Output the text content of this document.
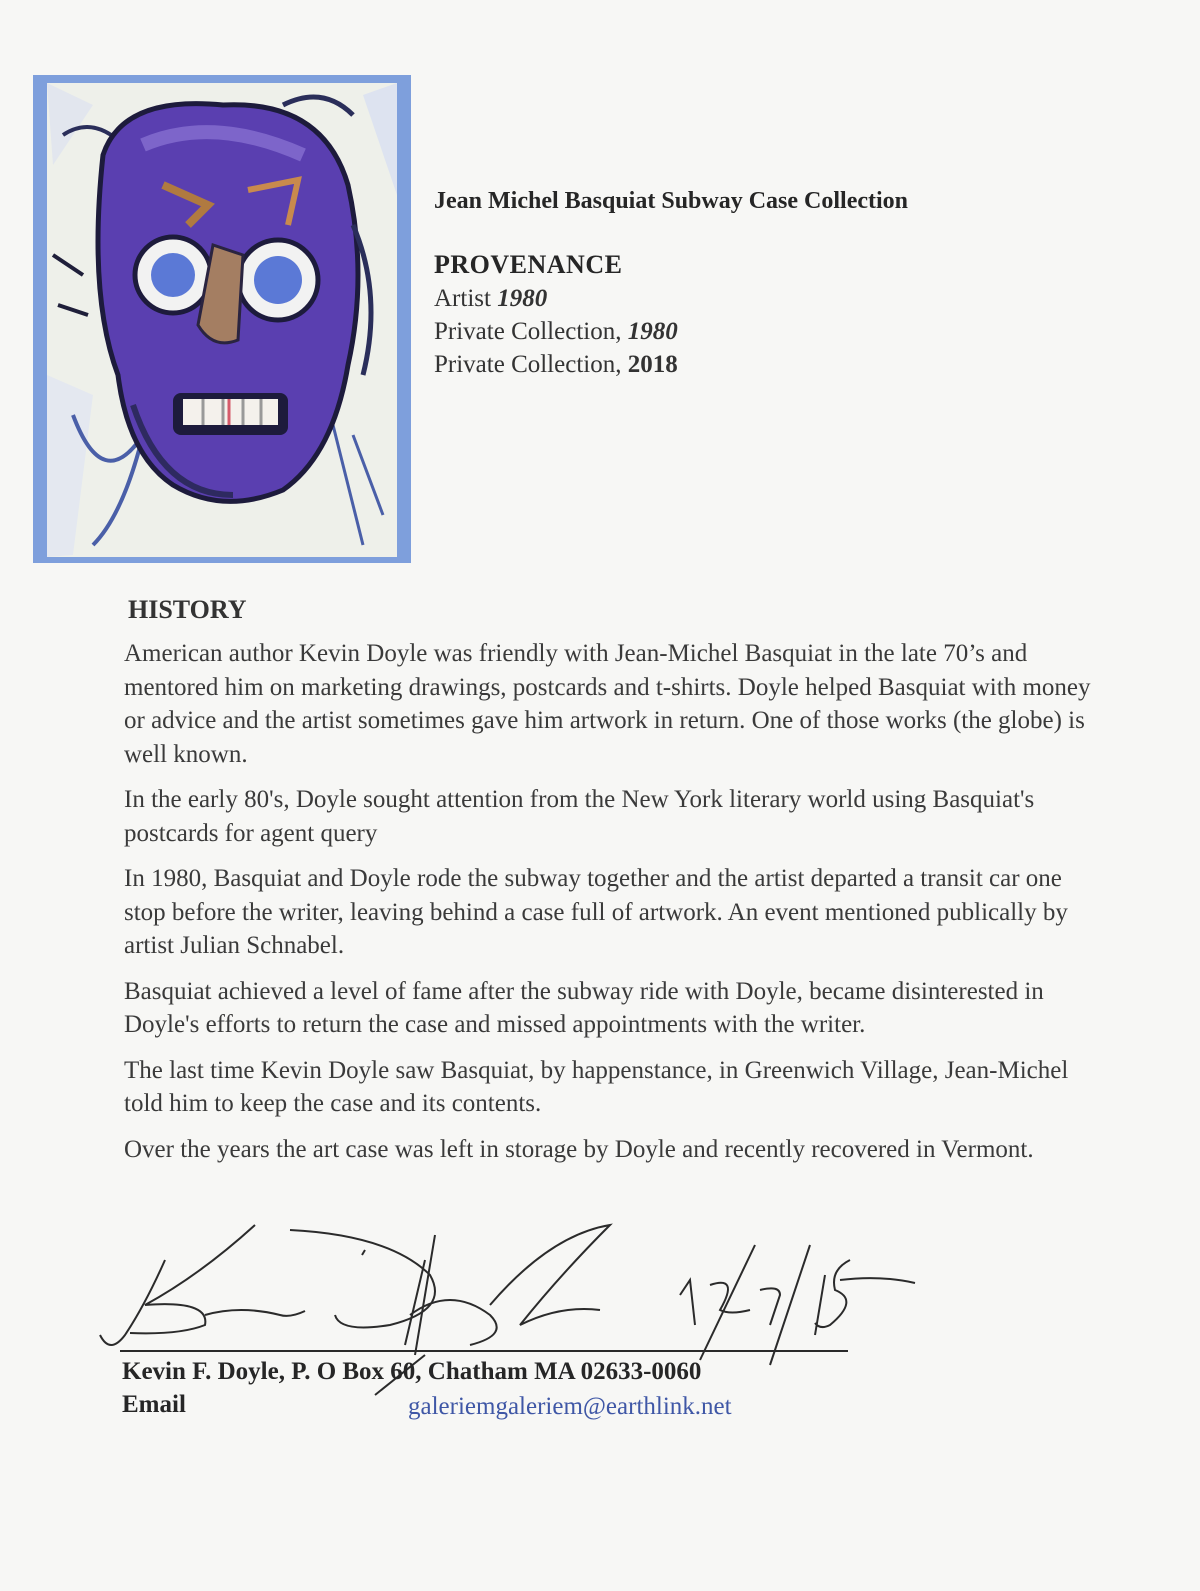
Jean Michel Basquiat Subway Case Collection
PROVENANCE
Artist 1980
Private Collection, 1980
Private Collection, 2018
HISTORY

American author Kevin Doyle was friendly with Jean-Michel Basquiat in the late 70’s and mentored him on marketing drawings, postcards and t-shirts. Doyle helped Basquiat with money or advice and the artist sometimes gave him artwork in return. One of those works (the globe) is well known.

In the early 80's, Doyle sought attention from the New York literary world using Basquiat's postcards for agent query

In 1980, Basquiat and Doyle rode the subway together and the artist departed a transit car one stop before the writer, leaving behind a case full of artwork. An event mentioned publically by artist Julian Schnabel.

Basquiat achieved a level of fame after the subway ride with Doyle, became disinterested in Doyle's efforts to return the case and missed appointments with the writer.

The last time Kevin Doyle saw Basquiat, by happenstance, in Greenwich Village, Jean-Michel told him to keep the case and its contents.

Over the years the art case was left in storage by Doyle and recently recovered in Vermont.

Kevin F. Doyle, P. O Box 60, Chatham MA 02633-0060
Email	galeriemgaleriem@earthlink.net
